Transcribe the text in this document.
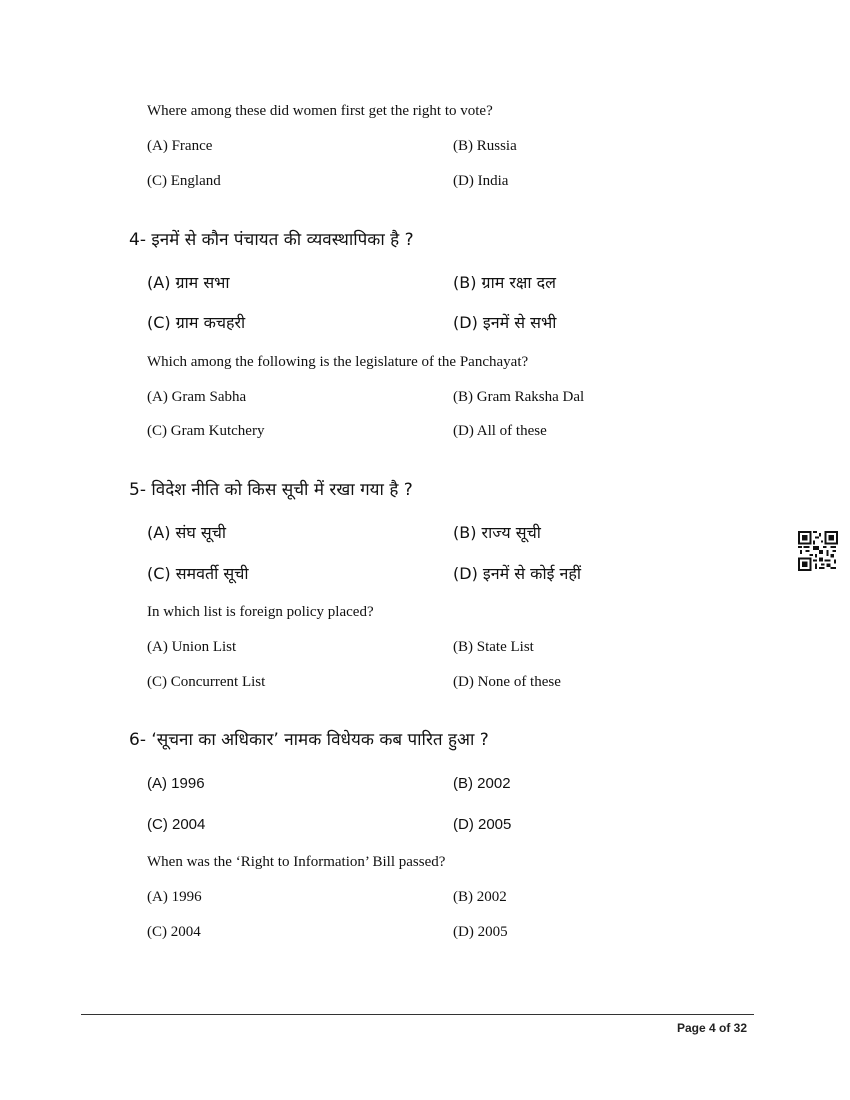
Where among these did women first get the right to vote?
(A) France	(B) Russia
(C) England	(D) India
4- इनमें से कौन पंचायत की व्यवस्थापिका है ?
(A) ग्राम सभा	(B) ग्राम रक्षा दल
(C) ग्राम कचहरी	(D) इनमें से सभी
Which among the following is the legislature of the Panchayat?
(A) Gram Sabha	(B) Gram Raksha Dal
(C) Gram Kutchery	(D) All of these
5- विदेश नीति को किस सूची में रखा गया है ?
(A) संघ सूची	(B) राज्य सूची
(C) समवर्ती सूची	(D) इनमें से कोई नहीं
In which list is foreign policy placed?
(A) Union List	(B) State List
(C) Concurrent List	(D) None of these
6- ‘सूचना का अधिकार’ नामक विधेयक कब पारित हुआ ?
(A) 1996	(B) 2002
(C) 2004	(D) 2005
When was the ‘Right to Information’ Bill passed?
(A) 1996	(B) 2002
(C) 2004	(D) 2005
Page 4 of 32
